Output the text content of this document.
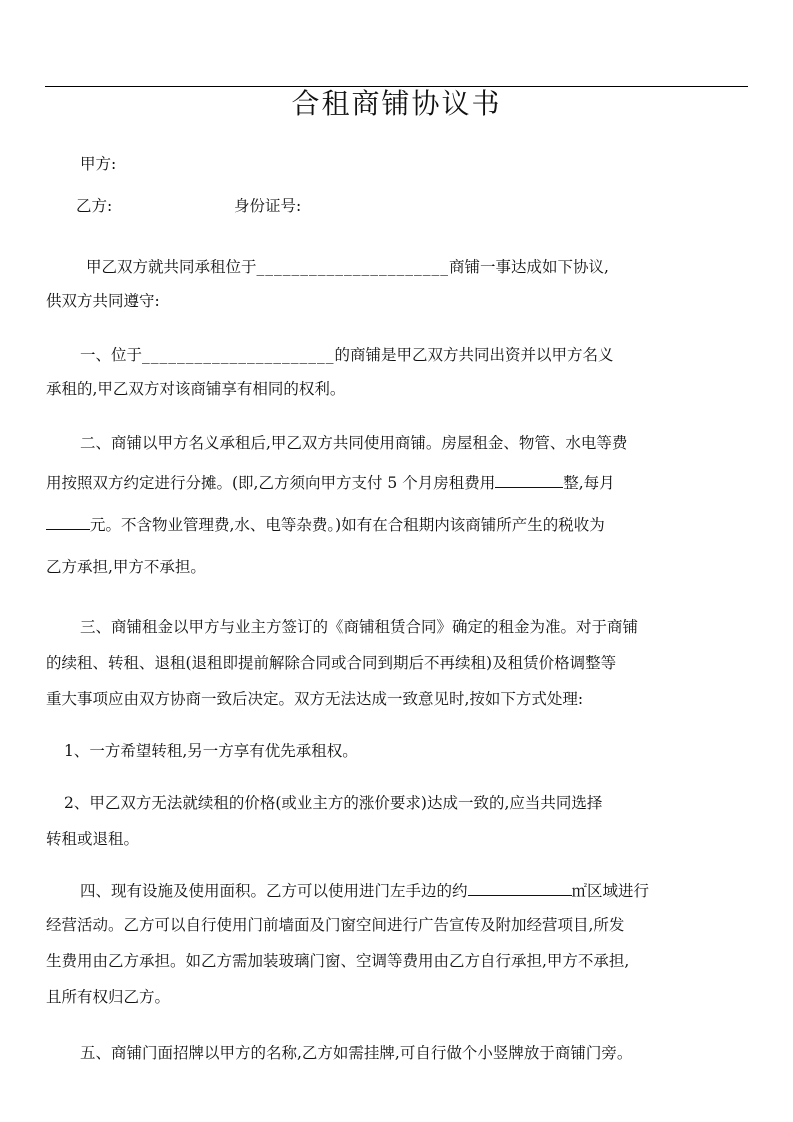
合租商铺协议书
甲方:
乙方:	身份证号:
甲乙双方就共同承租位于______________________商铺一事达成如下协议,
供双方共同遵守:
一、位于______________________的商铺是甲乙双方共同出资并以甲方名义
承租的,甲乙双方对该商铺享有相同的权利。
二、商铺以甲方名义承租后,甲乙双方共同使用商铺。房屋租金、物管、水电等费
用按照双方约定进行分摊。(即,乙方须向甲方支付 5 个月房租费用	整,每月
元。不含物业管理费,水、电等杂费。)如有在合租期内该商铺所产生的税收为
乙方承担,甲方不承担。
三、商铺租金以甲方与业主方签订的《商铺租赁合同》确定的租金为准。对于商铺
的续租、转租、退租(退租即提前解除合同或合同到期后不再续租)及租赁价格调整等
重大事项应由双方协商一致后决定。双方无法达成一致意见时,按如下方式处理:
1、一方希望转租,另一方享有优先承租权。
2、甲乙双方无法就续租的价格(或业主方的涨价要求)达成一致的,应当共同选择
转租或退租。
四、现有设施及使用面积。乙方可以使用进门左手边的约	㎡区域进行
经营活动。乙方可以自行使用门前墙面及门窗空间进行广告宣传及附加经营项目,所发
生费用由乙方承担。如乙方需加装玻璃门窗、空调等费用由乙方自行承担,甲方不承担,
且所有权归乙方。
五、商铺门面招牌以甲方的名称,乙方如需挂牌,可自行做个小竖牌放于商铺门旁。
